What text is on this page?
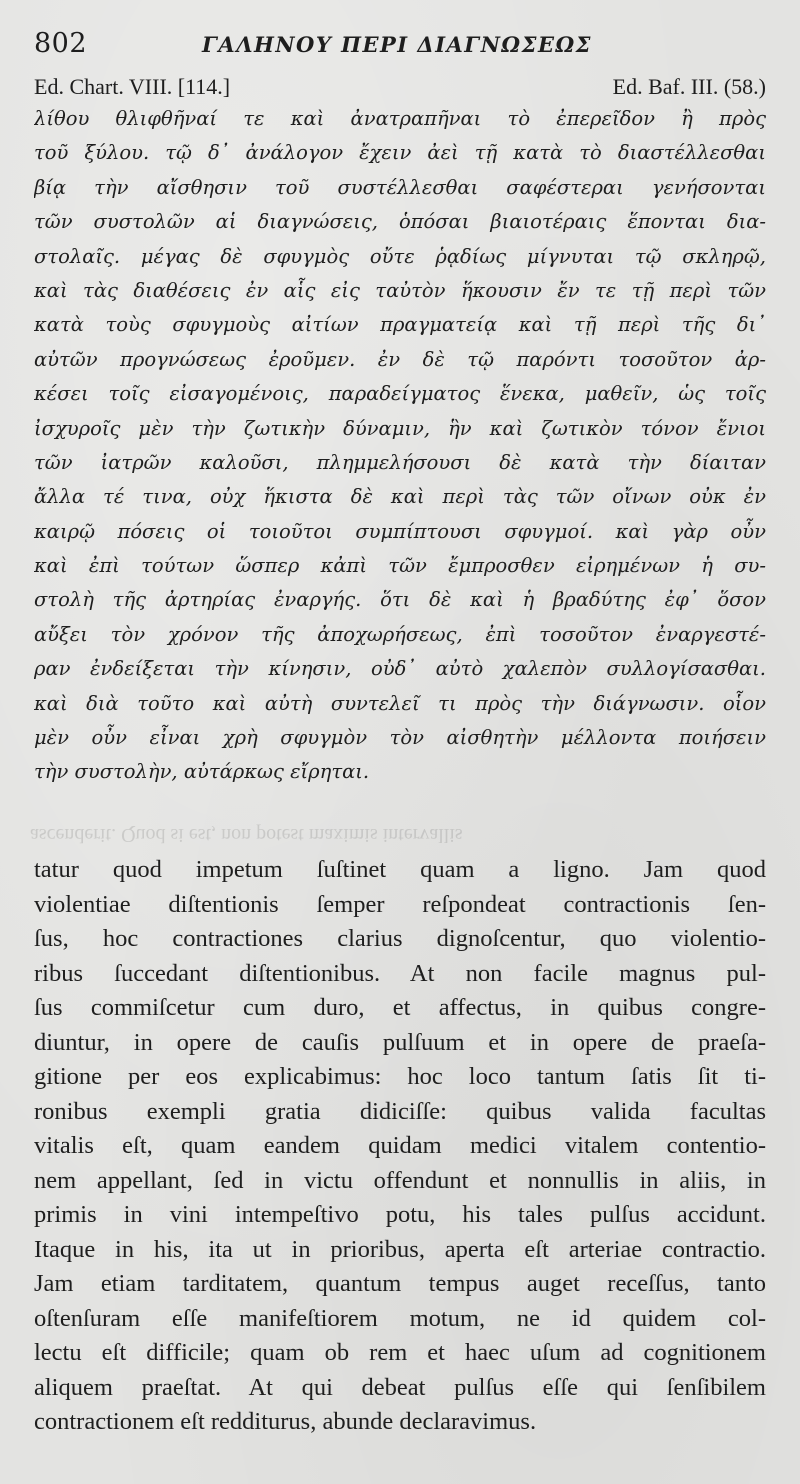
802	ΓΑΛΗΝΟΥ ΠΕΡΙ ΔΙΑΓΝΩΣΕΩΣ
Ed. Chart. VIII. [114.]	Ed. Baf. III. (58.)
λίθου θλιφθῆναί τε καὶ ἀνατραπῆναι τὸ ἐπερεῖδον ἢ πρὸς
τοῦ ξύλου. τῷ δ᾽ ἀνάλογον ἔχειν ἀεὶ τῇ κατὰ τὸ διαστέλλεσθαι
βίᾳ τὴν αἴσθησιν τοῦ συστέλλεσθαι σαφέστεραι γενήσονται
τῶν συστολῶν αἱ διαγνώσεις, ὁπόσαι βιαιοτέραις ἕπονται δια-
στολαῖς. μέγας δὲ σφυγμὸς οὔτε ῥᾳδίως μίγνυται τῷ σκληρῷ,
καὶ τὰς διαθέσεις ἐν αἷς εἰς ταὐτὸν ἥκουσιν ἔν τε τῇ περὶ τῶν
κατὰ τοὺς σφυγμοὺς αἰτίων πραγματείᾳ καὶ τῇ περὶ τῆς δι᾽
αὐτῶν προγνώσεως ἐροῦμεν. ἐν δὲ τῷ παρόντι τοσοῦτον ἀρ-
κέσει τοῖς εἰσαγομένοις, παραδείγματος ἕνεκα, μαθεῖν, ὡς τοῖς
ἰσχυροῖς μὲν τὴν ζωτικὴν δύναμιν, ἣν καὶ ζωτικὸν τόνον ἔνιοι
τῶν ἰατρῶν καλοῦσι, πλημμελήσουσι δὲ κατὰ τὴν δίαιταν
ἄλλα τέ τινα, οὐχ ἥκιστα δὲ καὶ περὶ τὰς τῶν οἴνων οὐκ ἐν
καιρῷ πόσεις οἱ τοιοῦτοι συμπίπτουσι σφυγμοί. καὶ γὰρ οὖν
καὶ ἐπὶ τούτων ὥσπερ κἀπὶ τῶν ἔμπροσθεν εἰρημένων ἡ συ-
στολὴ τῆς ἀρτηρίας ἐναργής. ὅτι δὲ καὶ ἡ βραδύτης ἐφ᾽ ὅσον
αὔξει τὸν χρόνον τῆς ἀποχωρήσεως, ἐπὶ τοσοῦτον ἐναργεστέ-
ραν ἐνδείξεται τὴν κίνησιν, οὐδ᾽ αὐτὸ χαλεπὸν συλλογίσασθαι.
καὶ διὰ τοῦτο καὶ αὐτὴ συντελεῖ τι πρὸς τὴν διάγνωσιν. οἷον
μὲν οὖν εἶναι χρὴ σφυγμὸν τὸν αἰσθητὴν μέλλοντα ποιήσειν
τὴν συστολὴν, αὐτάρκως εἴρηται.
ascenderit. Quod si est, non potest maximis intervallis
tatur quod impetum ſuſtinet quam a ligno. Jam quod
violentiae diſtentionis ſemper reſpondeat contractionis ſen-
ſus, hoc contractiones clarius dignoſcentur, quo violentio-
ribus ſuccedant diſtentionibus. At non facile magnus pul-
ſus commiſcetur cum duro, et affectus, in quibus congre-
diuntur, in opere de cauſis pulſuum et in opere de praeſa-
gitione per eos explicabimus: hoc loco tantum ſatis ſit ti-
ronibus exempli gratia didiciſſe: quibus valida facultas
vitalis eſt, quam eandem quidam medici vitalem contentio-
nem appellant, ſed in victu offendunt et nonnullis in aliis, in
primis in vini intempeſtivo potu, his tales pulſus accidunt.
Itaque in his, ita ut in prioribus, aperta eſt arteriae contractio.
Jam etiam tarditatem, quantum tempus auget receſſus, tanto
oſtenſuram eſſe manifeſtiorem motum, ne id quidem col-
lectu eſt difficile; quam ob rem et haec uſum ad cognitionem
aliquem praeſtat. At qui debeat pulſus eſſe qui ſenſibilem
contractionem eſt redditurus, abunde declaravimus.
